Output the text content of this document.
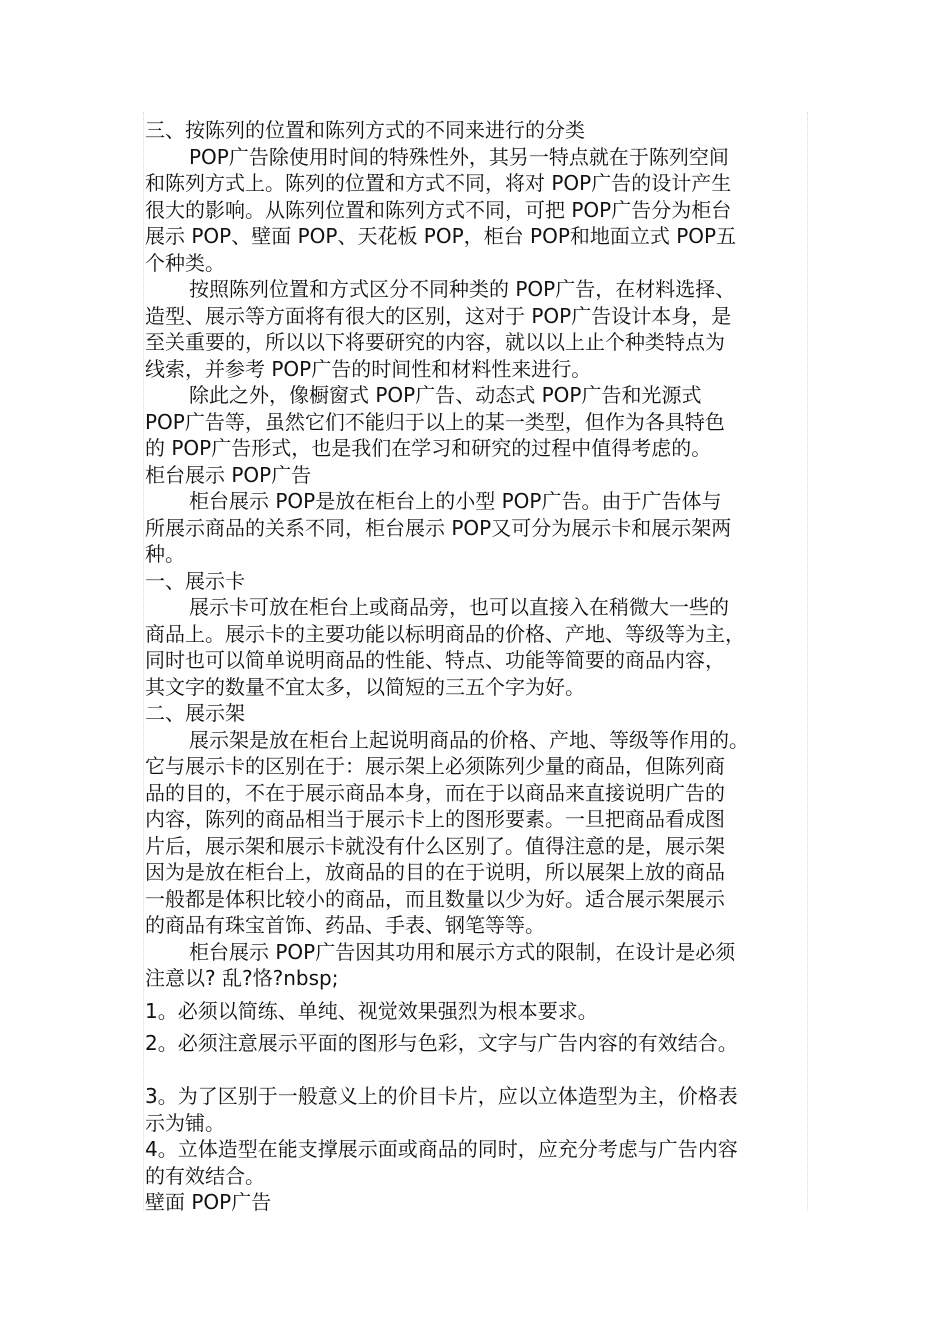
三、按陈列的位置和陈列方式的不同来进行的分类
POP广告除使用时间的特殊性外，其另一特点就在于陈列空间
和陈列方式上。陈列的位置和方式不同，将对 POP广告的设计产生
很大的影响。从陈列位置和陈列方式不同，可把 POP广告分为柜台
展示 POP、壁面 POP、天花板 POP，柜台 POP和地面立式 POP五
个种类。
按照陈列位置和方式区分不同种类的 POP广告，在材料选择、
造型、展示等方面将有很大的区别，这对于 POP广告设计本身，是
至关重要的，所以以下将要研究的内容，就以以上止个种类特点为
线索，并参考 POP广告的时间性和材料性来进行。
除此之外，像橱窗式 POP广告、动态式 POP广告和光源式
POP广告等，虽然它们不能归于以上的某一类型，但作为各具特色
的 POP广告形式，也是我们在学习和研究的过程中值得考虑的。
柜台展示 POP广告
柜台展示 POP是放在柜台上的小型 POP广告。由于广告体与
所展示商品的关系不同，柜台展示 POP又可分为展示卡和展示架两
种。
一、展示卡
展示卡可放在柜台上或商品旁，也可以直接入在稍微大一些的
商品上。展示卡的主要功能以标明商品的价格、产地、等级等为主，
同时也可以简单说明商品的性能、特点、功能等简要的商品内容，
其文字的数量不宜太多，以简短的三五个字为好。
二、展示架
展示架是放在柜台上起说明商品的价格、产地、等级等作用的。
它与展示卡的区别在于：展示架上必须陈列少量的商品，但陈列商
品的目的，不在于展示商品本身，而在于以商品来直接说明广告的
内容，陈列的商品相当于展示卡上的图形要素。一旦把商品看成图
片后，展示架和展示卡就没有什么区别了。值得注意的是，展示架
因为是放在柜台上，放商品的目的在于说明，所以展架上放的商品
一般都是体积比较小的商品，而且数量以少为好。适合展示架展示
的商品有珠宝首饰、药品、手表、钢笔等等。
柜台展示 POP广告因其功用和展示方式的限制，在设计是必须
注意以? 乱?恪?nbsp;
1。必须以简练、单纯、视觉效果强烈为根本要求。
2。必须注意展示平面的图形与色彩，文字与广告内容的有效结合。
3。为了区别于一般意义上的价目卡片，应以立体造型为主，价格表
示为铺。
4。立体造型在能支撑展示面或商品的同时，应充分考虑与广告内容
的有效结合。
壁面 POP广告
